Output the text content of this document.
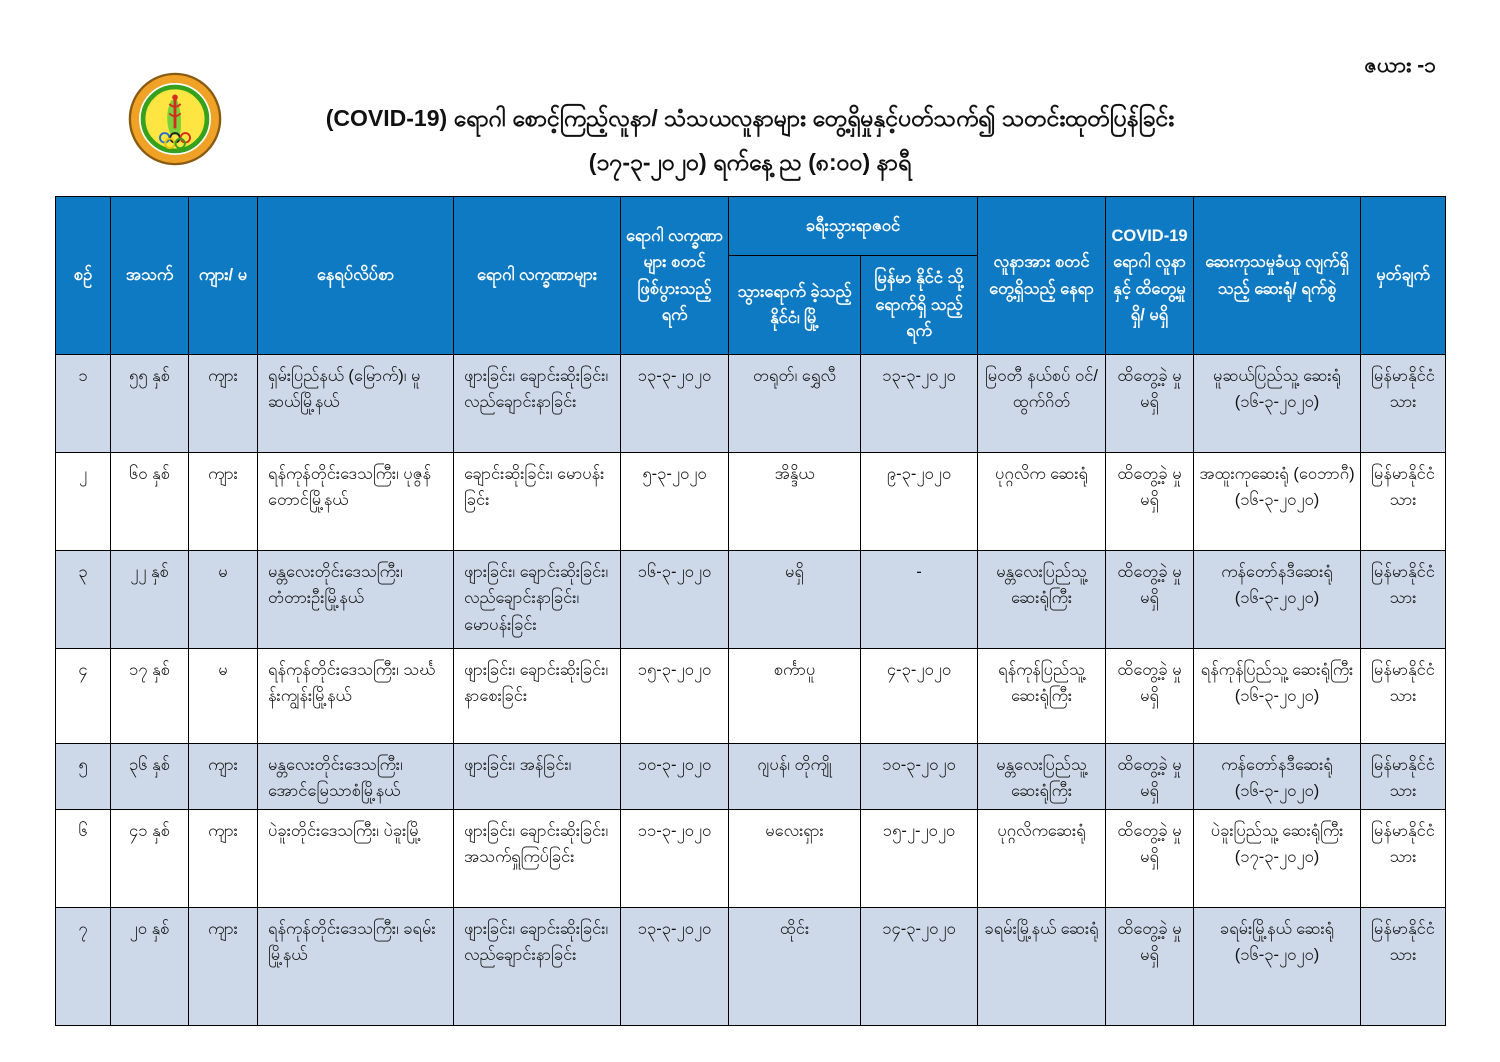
ဇယား -၁
(COVID-19) ရောဂါ စောင့်ကြည့်လူနာ/ သံသယလူနာများ တွေ့ရှိမှုနှင့်ပတ်သက်၍ သတင်းထုတ်ပြန်ခြင်း
(၁၇-၃-၂၀၂၀) ရက်နေ့ ည (၈:၀၀) နာရီ
စဉ်	အသက်	ကျား/ မ	နေရပ်လိပ်စာ	ရောဂါ လက္ခဏာများ	ရောဂါ လက္ခဏာများ စတင် ဖြစ်ပွားသည့် ရက်	ခရီးသွားရာဇဝင်		လူနာအား စတင် တွေ့ရှိသည့် နေရာ	COVID-19 ရောဂါ လူနာနှင့် ထိတွေ့မှု ရှိ/ မရှိ	ဆေးကုသမှုခံယူ လျက်ရှိသည့် ဆေးရုံ/ ရက်စွဲ	မှတ်ချက်
						သွားရောက် ခဲ့သည့် နိုင်ငံ၊ မြို့	မြန်မာ နိုင်ငံ သို့ ရောက်ရှိ သည့်ရက်				
၁	၅၅ နှစ်	ကျား	ရှမ်းပြည်နယ် (မြောက်)၊ မူဆယ်မြို့နယ်	ဖျားခြင်း၊ ချောင်းဆိုးခြင်း၊ လည်ချောင်းနာခြင်း	၁၃-၃-၂၀၂၀	တရုတ်၊ ရွှေလီ	၁၃-၃-၂၀၂၀	မြဝတီ နယ်စပ် ဝင်/ထွက်ဂိတ်	ထိတွေ့ခဲ့ မှု မရှိ	မူဆယ်ပြည်သူ့ ဆေးရုံ (၁၆-၃-၂၀၂၀)	မြန်မာနိုင်ငံ သား
၂	၆၀ နှစ်	ကျား	ရန်ကုန်တိုင်းဒေသကြီး၊ ပုဇွန်တောင်မြို့နယ်	ချောင်းဆိုးခြင်း၊ မောပန်းခြင်း	၅-၃-၂၀၂၀	အိန္ဒိယ	၉-၃-၂၀၂၀	ပုဂ္ဂလိက ဆေးရုံ	ထိတွေ့ခဲ့ မှု မရှိ	အထူးကုဆေးရုံ (ဝေဘာဂီ) (၁၆-၃-၂၀၂၀)	မြန်မာနိုင်ငံ သား
၃	၂၂ နှစ်	မ	မန္တလေးတိုင်းဒေသကြီး၊ တံတားဦးမြို့နယ်	ဖျားခြင်း၊ ချောင်းဆိုးခြင်း၊ လည်ချောင်းနာခြင်း၊ မောပန်းခြင်း	၁၆-၃-၂၀၂၀	မရှိ	-	မန္တလေးပြည်သူ့ ဆေးရုံကြီး	ထိတွေ့ခဲ့ မှု မရှိ	ကန်တော်နဒီဆေးရုံ (၁၆-၃-၂၀၂၀)	မြန်မာနိုင်ငံ သား
၄	၁၇ နှစ်	မ	ရန်ကုန်တိုင်းဒေသကြီး၊ သင်္ဃန်းကျွန်းမြို့နယ်	ဖျားခြင်း၊ ချောင်းဆိုးခြင်း၊ နာစေးခြင်း	၁၅-၃-၂၀၂၀	စင်္ကာပူ	၄-၃-၂၀၂၀	ရန်ကုန်ပြည်သူ့ ဆေးရုံကြီး	ထိတွေ့ခဲ့ မှု မရှိ	ရန်ကုန်ပြည်သူ့ ဆေးရုံကြီး (၁၆-၃-၂၀၂၀)	မြန်မာနိုင်ငံ သား
၅	၃၆ နှစ်	ကျား	မန္တလေးတိုင်းဒေသကြီး၊ အောင်မြေသာစံမြို့နယ်	ဖျားခြင်း၊ အန်ခြင်း၊	၁၀-၃-၂၀၂၀	ဂျပန်၊ တိုကျို	၁၀-၃-၂၀၂၀	မန္တလေးပြည်သူ့ ဆေးရုံကြီး	ထိတွေ့ခဲ့ မှု မရှိ	ကန်တော်နဒီဆေးရုံ (၁၆-၃-၂၀၂၀)	မြန်မာနိုင်ငံ သား
၆	၄၁ နှစ်	ကျား	ပဲခူးတိုင်းဒေသကြီး၊ ပဲခူးမြို့	ဖျားခြင်း၊ ချောင်းဆိုးခြင်း၊ အသက်ရှူကြပ်ခြင်း	၁၁-၃-၂၀၂၀	မလေးရှား	၁၅-၂-၂၀၂၀	ပုဂ္ဂလိကဆေးရုံ	ထိတွေ့ခဲ့ မှု မရှိ	ပဲခူးပြည်သူ့ ဆေးရုံကြီး (၁၇-၃-၂၀၂၀)	မြန်မာနိုင်ငံ သား
၇	၂၀ နှစ်	ကျား	ရန်ကုန်တိုင်းဒေသကြီး၊ ခရမ်းမြို့နယ်	ဖျားခြင်း၊ ချောင်းဆိုးခြင်း၊ လည်ချောင်းနာခြင်း	၁၃-၃-၂၀၂၀	ထိုင်း	၁၄-၃-၂၀၂၀	ခရမ်းမြို့နယ် ဆေးရုံ	ထိတွေ့ခဲ့ မှု မရှိ	ခရမ်းမြို့နယ် ဆေးရုံ (၁၆-၃-၂၀၂၀)	မြန်မာနိုင်ငံ သား
